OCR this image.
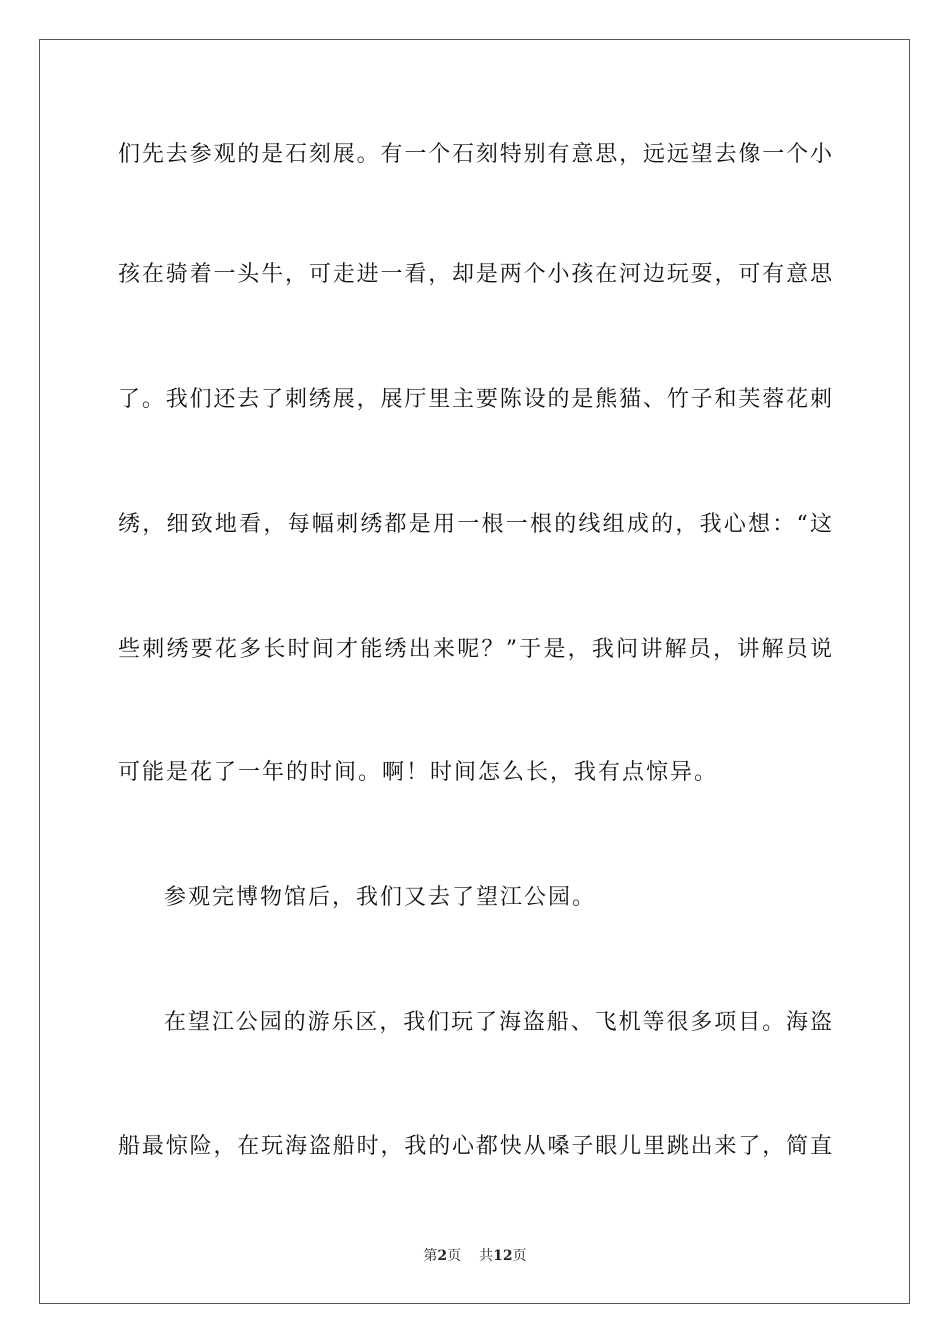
们先去参观的是石刻展。有一个石刻特别有意思，远远望去像一个小
孩在骑着一头牛，可走进一看，却是两个小孩在河边玩耍，可有意思
了。我们还去了刺绣展，展厅里主要陈设的是熊猫、竹子和芙蓉花刺
绣，细致地看，每幅刺绣都是用一根一根的线组成的，我心想：“这
些刺绣要花多长时间才能绣出来呢？”于是，我问讲解员，讲解员说
可能是花了一年的时间。啊！时间怎么长，我有点惊异。
参观完博物馆后，我们又去了望江公园。
在望江公园的游乐区，我们玩了海盗船、飞机等很多项目。海盗
船最惊险，在玩海盗船时，我的心都快从嗓子眼儿里跳出来了，简直
第2页 共12页
